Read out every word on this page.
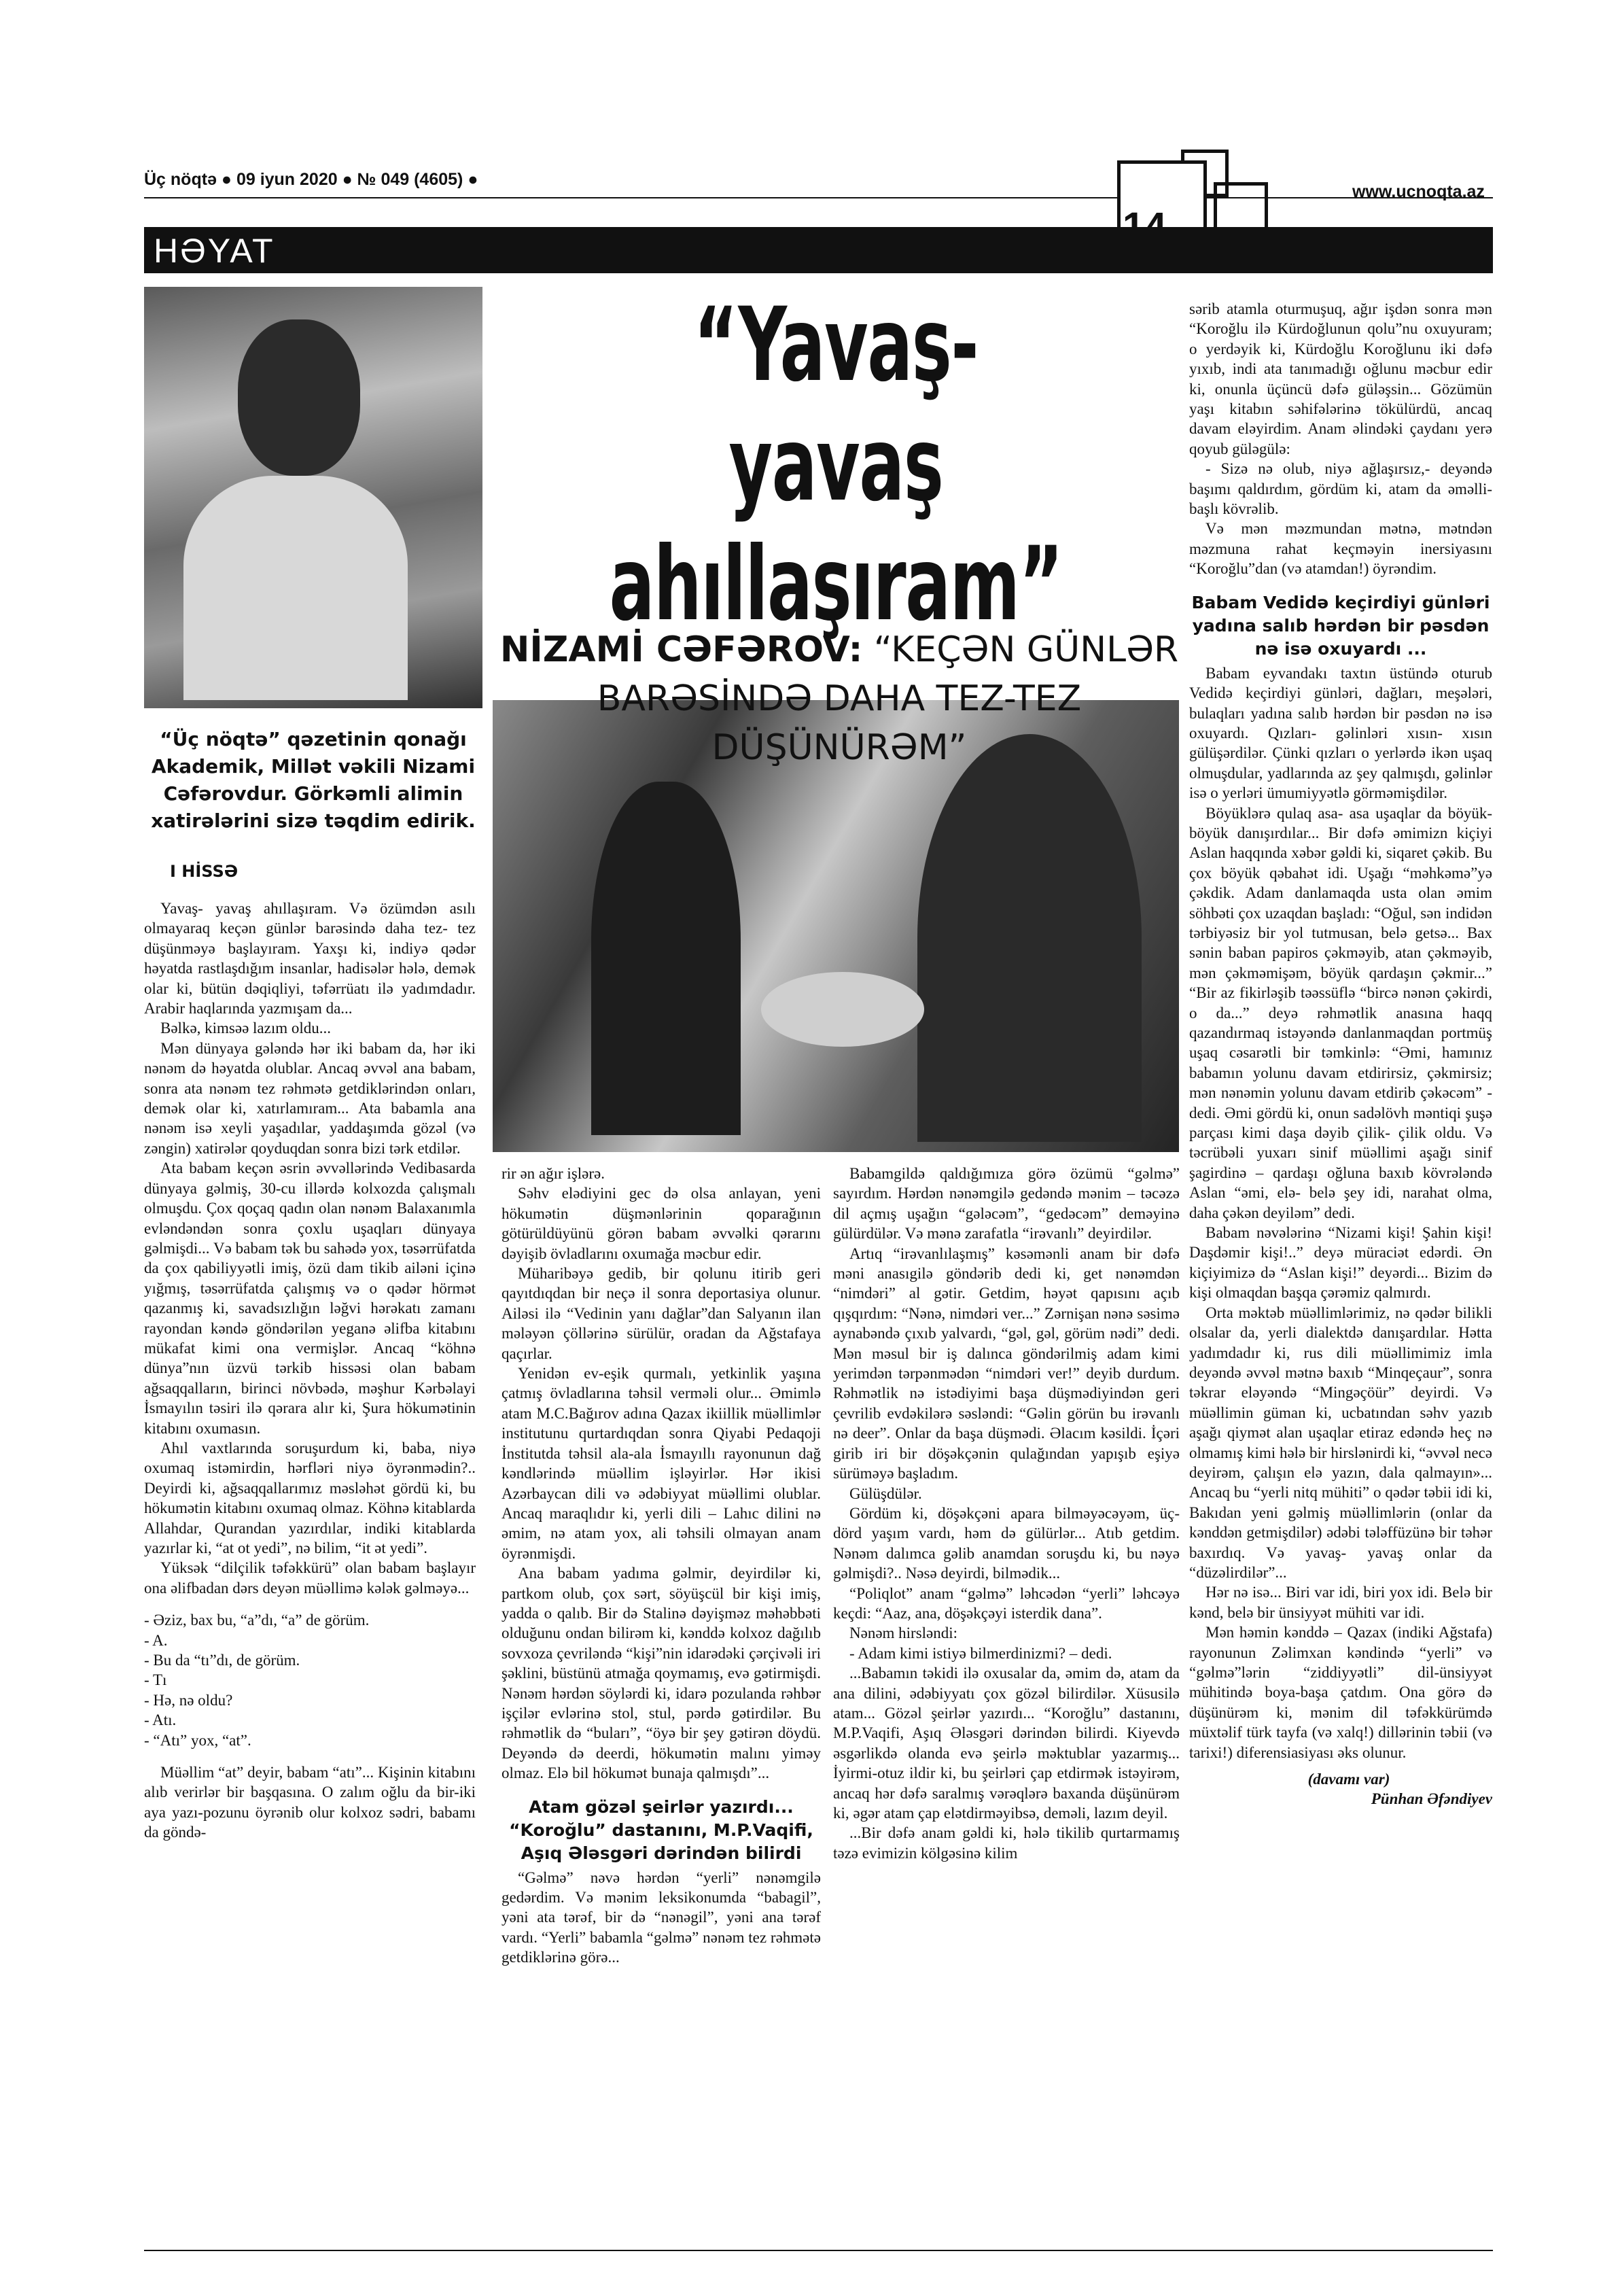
Üç nöqtə ● 09 iyun 2020 ● № 049 (4605) ●
www.ucnoqta.az
HƏYAT
“Yavaş- yavaş
ahıllaşıram”
NİZAMİ CƏFƏROV: “KEÇƏN GÜNLƏR BARƏSİNDƏ DAHA TEZ-TEZ DÜŞÜNÜRƏM”
“Üç nöqtə” qəzetinin qonağı Akademik, Millət vəkili Nizami Cəfərovdur. Görkəmli alimin xatirələrini sizə təqdim edirik.
I HİSSƏ

Yavaş- yavaş ahıllaşıram. Və özümdən asılı olmayaraq keçən günlər barəsində daha tez- tez düşünməyə başlayıram. Yaxşı ki, indiyə qədər həyatda rastlaşdığım insanlar, hadisələr hələ, demək olar ki, bütün dəqiqliyi, təfərrüatı ilə yadımdadır. Arabir haqlarında yazmışam da...

Bəlkə, kimsəə lazım oldu...

Mən dünyaya gələndə hər iki babam da, hər iki nənəm də həyatda olublar. Ancaq əvvəl ana babam, sonra ata nənəm tez rəhmətə getdiklərindən onları, demək olar ki, xatırlamıram... Ata babamla ana nənəm isə xeyli yaşadılar, yaddaşımda gözəl (və zəngin) xatirələr qoyduqdan sonra bizi tərk etdilər.

Ata babam keçən əsrin əvvəllərində Vedibasarda dünyaya gəlmiş, 30-cu illərdə kolxozda çalışmalı olmuşdu. Çox qoçaq qadın olan nənəm Balaxanımla evləndəndən sonra çoxlu uşaqları dünyaya gəlmişdi... Və babam tək bu sahədə yox, təsərrüfatda da çox qabiliyyətli imiş, özü dam tikib ailəni içinə yığmış, təsərrüfatda çalışmış və o qədər hörmət qazanmış ki, savadsızlığın ləğvi hərəkatı zamanı rayondan kəndə göndərilən yeganə əlifba kitabını mükafat kimi ona vermişlər. Ancaq “köhnə dünya”nın üzvü tərkib hissəsi olan babam ağsaqqalların, birinci növbədə, məşhur Kərbəlayi İsmayılın təsiri ilə qərara alır ki, Şura hökumətinin kitabını oxumasın.

Ahıl vaxtlarında soruşurdum ki, baba, niyə oxumaq istəmirdin, hərfləri niyə öyrənmədin?.. Deyirdi ki, ağsaqqallarımız məsləhət gördü ki, bu hökumətin kitabını oxumaq olmaz. Köhnə kitablarda Allahdar, Qurandan yazırdılar, indiki kitablarda yazırlar ki, “at ot yedi”, nə bilim, “it ət yedi”.

Yüksək “dilçilik təfəkkürü” olan babam başlayır ona əlifbadan dərs deyən müəllimə kələk gəlməyə...

- Əziz, bax bu, “a”dı, “a” de görüm.

- A.

- Bu da “tı”dı, de görüm.

- Tı

- Hə, nə oldu?

- Atı.

- “Atı” yox, “at”.

Müəllim “at” deyir, babam “atı”... Kişinin kitabını alıb verirlər bir başqasına. O zalım oğlu da bir-iki aya yazı-pozunu öyrənib olur kolxoz sədri, babamı da göndə-

rir ən ağır işlərə.

Səhv elədiyini gec də olsa anlayan, yeni hökumətin düşmənlərinin qoparağının götürüldüyünü görən babam əvvəlki qərarını dəyişib övladlarını oxumağa məcbur edir.

Müharibəyə gedib, bir qolunu itirib geri qayıtdıqdan bir neçə il sonra deportasiya olunur. Ailəsi ilə “Vedinin yanı dağlar”dan Salyanın ilan mələyən çöllərinə sürülür, oradan da Ağstafaya qaçırlar.

Yenidən ev-eşik qurmalı, yetkinlik yaşına çatmış övladlarına təhsil verməli olur... Əmimlə atam M.C.Bağırov adına Qazax ikiillik müəllimlər institutunu qurtardıqdan sonra Qiyabi Pedaqoji İnstitutda təhsil ala-ala İsmayıllı rayonunun dağ kəndlərində müəllim işləyirlər. Hər ikisi Azərbaycan dili və ədəbiyyat müəllimi olublar. Ancaq maraqlıdır ki, yerli dili – Lahıc dilini nə əmim, nə atam yox, ali təhsili olmayan anam öyrənmişdi.

Ana babam yadıma gəlmir, deyirdilər ki, partkom olub, çox sərt, söyüşcül bir kişi imiş, yadda o qalıb. Bir də Stalinə dəyişməz məhəbbəti olduğunu ondan bilirəm ki, kənddə kolxoz dağılıb sovxoza çevriləndə “kişi”nin idarədəki çərçivəli iri şəklini, büstünü atmağa qoymamış, evə gətirmişdi. Nənəm hərdən söylərdi ki, idarə pozulanda rəhbər işçilər evlərinə stol, stul, pərdə gətirdilər. Bu rəhmətlik də “buları”, “öyə bir şey gətirən döydü. Deyəndə də deerdi, hökumətin malını yiməy olmaz. Elə bil hökumət bunaja qalmışdı”...

Atam gözəl şeirlər yazırdı... “Koroğlu” dastanını, M.P.Vaqifi, Aşıq Ələsgəri dərindən bilirdi

“Gəlmə” nəvə hərdən “yerli” nənəmgilə gedərdim. Və mənim leksikonumda “babagil”, yəni ata tərəf, bir də “nənəgil”, yəni ana tərəf vardı. “Yerli” babamla “gəlmə” nənəm tez rəhmətə getdiklərinə görə...

Babamgildə qaldığımıza görə özümü “gəlmə” sayırdım. Hərdən nənəmgilə gedəndə mənim – təcəzə dil açmış uşağın “gələcəm”, “gedəcəm” deməyinə gülürdülər. Və mənə zarafatla “irəvanlı” deyirdilər.

Artıq “irəvanlılaşmış” kəsəmənli anam bir dəfə məni anasıgilə göndərib dedi ki, get nənəmdən “nimdəri” al gətir. Getdim, həyət qapısını açıb qışqırdım: “Nənə, nimdəri ver...” Zərnişan nənə səsimə aynabəndə çıxıb yalvardı, “gəl, gəl, görüm nədi” dedi. Mən məsul bir iş dalınca göndərilmiş adam kimi yerimdən tərpənmədən “nimdəri ver!” deyib durdum. Rəhmətlik nə istədiyimi başa düşmədiyindən geri çevrilib evdəkilərə səsləndi: “Gəlin görün bu irəvanlı nə deer”. Onlar da başa düşmədi. Əlacım kəsildi. İçəri girib iri bir döşəkçənin qulağından yapışıb eşiyə sürüməyə başladım.

Gülüşdülər.

Gördüm ki, döşəkçəni apara bilməyəcəyəm, üç- dörd yaşım vardı, həm də gülürlər... Atıb getdim. Nənəm dalımca gəlib anamdan soruşdu ki, bu nəyə gəlmişdi?.. Nəsə deyirdi, bilmədik...

“Poliqlot” anam “gəlmə” ləhcədən “yerli” ləhcəyə keçdi: “Aaz, ana, döşəkçəyi isterdik dana”.

Nənəm hirsləndi:

- Adam kimi istiyə bilmerdinizmi? – dedi.

...Babamın təkidi ilə oxusalar da, əmim də, atam da ana dilini, ədəbiyyatı çox gözəl bilirdilər. Xüsusilə atam... Gözəl şeirlər yazırdı... “Koroğlu” dastanını, M.P.Vaqifi, Aşıq Ələsgəri dərindən bilirdi. Kiyevdə əsgərlikdə olanda evə şeirlə məktublar yazarmış... İyirmi-otuz ildir ki, bu şeirləri çap etdirmək istəyirəm, ancaq hər dəfə saralmış vərəqlərə baxanda düşünürəm ki, əgər atam çap elətdirməyibsə, deməli, lazım deyil.

...Bir dəfə anam gəldi ki, hələ tikilib qurtarmamış təzə evimizin kölgəsinə kilim

sərib atamla oturmuşuq, ağır işdən sonra mən “Koroğlu ilə Kürdoğlunun qolu”nu oxuyuram; o yerdəyik ki, Kürdoğlu Koroğlunu iki dəfə yıxıb, indi ata tanımadığı oğlunu məcbur edir ki, onunla üçüncü dəfə güləşsin... Gözümün yaşı kitabın səhifələrinə tökülürdü, ancaq davam eləyirdim. Anam əlindəki çaydanı yerə qoyub güləgülə:

- Sizə nə olub, niyə ağlaşırsız,- deyəndə başımı qaldırdım, gördüm ki, atam da əməlli- başlı kövrəlib.

Və mən məzmundan mətnə, mətndən məzmuna rahat keçməyin inersiyasını “Koroğlu”dan (və atamdan!) öyrəndim.

Babam Vedidə keçirdiyi günləri yadına salıb hərdən bir pəsdən nə isə oxuyardı ...

Babam eyvandakı taxtın üstündə oturub Vedidə keçirdiyi günləri, dağları, meşələri, bulaqları yadına salıb hərdən bir pəsdən nə isə oxuyardı. Qızları- gəlinləri xısın- xısın gülüşərdilər. Çünki qızları o yerlərdə ikən uşaq olmuşdular, yadlarında az şey qalmışdı, gəlinlər isə o yerləri ümumiyyətlə görməmişdilər.

Böyüklərə qulaq asa- asa uşaqlar da böyük- böyük danışırdılar... Bir dəfə əmimizn kiçiyi Aslan haqqında xəbər gəldi ki, siqaret çəkib. Bu çox böyük qəbahət idi. Uşağı “məhkəmə”yə çəkdik. Adam danlamaqda usta olan əmim söhbəti çox uzaqdan başladı: “Oğul, sən indidən tərbiyəsiz bir yol tutmusan, belə getsə... Bax sənin baban papiros çəkməyib, atan çəkməyib, mən çəkməmişəm, böyük qardaşın çəkmir...” “Bir az fikirləşib təəssüflə “bircə nənən çəkirdi, o da...” deyə rəhmətlik anasına haqq qazandırmaq istəyəndə danlanmaqdan portmüş uşaq cəsarətli bir təmkinlə: “Əmi, hamınız babamın yolunu davam etdirirsiz, çəkmirsiz; mən nənəmin yolunu davam etdirib çəkəcəm” - dedi. Əmi gördü ki, onun sadəlövh məntiqi şuşə parçası kimi daşa dəyib çilik- çilik oldu. Və təcrübəli yuxarı sinif müəllimi aşağı sinif şagirdinə – qardaşı oğluna baxıb kövrələndə Aslan “əmi, elə- belə şey idi, narahat olma, daha çəkən deyiləm” dedi.

Babam nəvələrinə “Nizami kişi! Şahin kişi! Daşdəmir kişi!..” deyə müraciət edərdi. Ən kiçiyimizə də “Aslan kişi!” deyərdi... Bizim də kişi olmaqdan başqa çərəmiz qalmırdı.

Orta məktəb müəllimlərimiz, nə qədər bilikli olsalar da, yerli dialektdə danışardılar. Hətta yadımdadır ki, rus dili müəllimimiz imla deyəndə əvvəl mətnə baxıb “Minqeçaur”, sonra təkrar eləyəndə “Mingəçöür” deyirdi. Və müəllimin güman ki, ucbatından səhv yazıb aşağı qiymət alan uşaqlar etiraz edəndə heç nə olmamış kimi hələ bir hirslənirdi ki, “əvvəl necə deyirəm, çalışın elə yazın, dala qalmayın»... Ancaq bu “yerli nitq mühiti” o qədər təbii idi ki, Bakıdan yeni gəlmiş müəllimlərin (onlar da kənddən getmişdilər) ədəbi tələffüzünə bir təhər baxırdıq. Və yavaş- yavaş onlar da “düzəlirdilər”...

Hər nə isə... Biri var idi, biri yox idi. Belə bir kənd, belə bir ünsiyyət mühiti var idi.

Mən həmin kənddə – Qazax (indiki Ağstafa) rayonunun Zəlimxan kəndində “yerli” və “gəlmə”lərin “ziddiyyətli” dil-ünsiyyət mühitində boya-başa çatdım. Ona görə də düşünürəm ki, mənim dil təfəkkürümdə müxtəlif türk tayfa (və xalq!) dillərinin təbii (və tarixi!) diferensiasiyası əks olunur.

(davamı var)

Pünhan Əfəndiyev
